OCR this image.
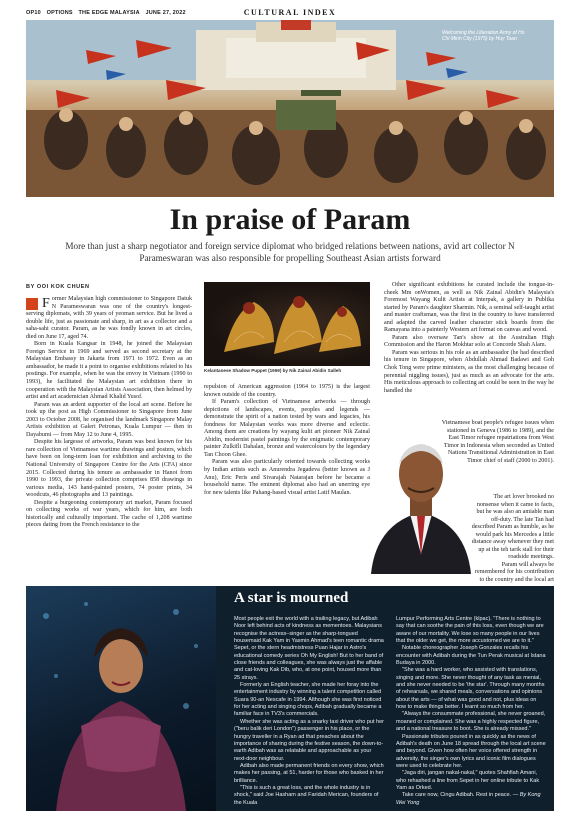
OP10 OPTIONS THE EDGE MALAYSIA JUNE 27, 2022	CULTURAL INDEX
Welcoming the Liberation Army of Ho Chi Minh City (1975) by Huy Toan
In praise of Param
More than just a sharp negotiator and foreign service diplomat who bridged relations between nations, avid art collector N Parameswaran was also responsible for propelling Southeast Asian artists forward
BY OOI KOK CHUEN

Former Malaysian high commissioner to Singapore Datuk N Parameswaran was one of the country's longest-serving diplomats, with 39 years of yeoman service. But he lived a double life, just as passionate and sharp, in art as a collector and a saha-sahi curator. Param, as he was fondly known in art circles, died on June 17, aged 74.

Born in Kuala Kangsar in 1948, he joined the Malaysian Foreign Service in 1969 and served as second secretary at the Malaysian Embassy in Jakarta from 1971 to 1972. Even as an ambassador, he made it a point to organise exhibitions related to his postings. For example, when he was the envoy in Vietnam (1990 to 1993), he facilitated the Malaysian art exhibition there in cooperation with the Malaysian Artists Association, then helmed by artist and art academician Ahmad Khalid Yusof.

Param was an ardent supporter of the local art scene. Before he took up the post as High Commissioner to Singapore from June 2003 to October 2008, he organised the landmark Singapore Malay Artists exhibition at Galeri Petronas, Kuala Lumpur — then in Dayabumi — from May 12 to June 4, 1995.

Despite his largesse of artworks, Param was best known for his rare collection of Vietnamese wartime drawings and posters, which have been on long-term loan for exhibition and archiving to the National University of Singapore Centre for the Arts (CFA) since 2015. Collected during his tenure as ambassador in Hanoi from 1990 to 1993, the private collection comprises 858 drawings in various media, 143 hand-painted posters, 74 poster prints, 34 woodcuts, 46 photographs and 13 paintings.

Despite a burgeoning contemporary art market, Param focused on collecting works of war years, which for him, are both historically and culturally important. The cache of 1,208 wartime pieces dating from the French resistance to the

Kelantanese Shadow Puppet (1959) by Nik Zainal Abidin Salleh

repulsion of American aggression (1964 to 1975) is the largest known outside of the country.

If Param's collection of Vietnamese artworks — through depictions of landscapes, events, peoples and legends — demonstrate the spirit of a nation tested by wars and legacies, his fondness for Malaysian works was more diverse and eclectic. Among them are creations by wayang kulit art pioneer Nik Zainal Abidin, modernist pastel paintings by the enigmatic contemporary painter Zulkifli Dahalan, bronze and watercolours by the legendary Tan Choon Ghee.

Param was also particularly oriented towards collecting works by Indian artists such as Anurendra Jegadeva (better known as J Anu), Eric Peris and Sivarajah Natarajan before he became a household name. The eminent diplomat also had an unerring eye for new talents like Pahang-based visual artist Latif Maulan.

Other significant exhibitions he curated include the tongue-in-cheek Mm onWomen, as well as Nik Zainal Abidin's Malaysia's Foremost Wayang Kulit Artists at Interpak, a gallery in Publika started by Param's daughter Sharmin. Nik, a seminal self-taught artist and master craftsman, was the first in the country to have transferred and adapted the carved leather character stick boards from the Ramayana into a painterly Western art format on canvas and wood.

Param also oversaw Tan's show at the Australian High Commission and the Haron Mokhtar solo at Concorde Shah Alam.

Param was serious in his role as an ambassador (he had described his tenure in Singapore, when Abdullah Ahmad Badawi and Goh Chok Tong were prime ministers, as the most challenging because of perennial niggling issues), just as much as an advocate for the arts. His meticulous approach to collecting art could be seen in the way he handled the

Vietnamese boat people's refugee issues when stationed in Geneva (1986 to 1989), and the East Timor refugee repatriations from West Timor in Indonesia when seconded as United Nations Transitional Administration in East Timor chief of staff (2000 to 2001).

The art lover brooked no nonsense when it came to facts, but he was also an amiable man off-duty. The late Tan had described Param as humble, as he would park his Mercedes a little distance away whenever they met up at the teh tarik stall for their roadside meetings.

Param will always be remembered for his contribution to the country and the local art

A star is mourned

Most people exit the world with a trailing legacy, but Adibah Noor left behind acts of kindness as mementoes. Malaysians recognise the actress–singer as the sharp-tongued housemaid Kak Yam in Yasmin Ahmad's teen romantic drama Sepet, or the stern headmistress Puan Hajar in Astro's educational comedy series Oh My English! But to her band of close friends and colleagues, she was always just the affable and cat-loving Kak Dib, who, at one point, housed more than 25 strays.

Formerly an English teacher, she made her foray into the entertainment industry by winning a talent competition called Suara 90-an Nescafe in 1994. Although she was first noticed for her acting and singing chops, Adibah gradually became a familiar face in TV3's commercials.

Whether she was acting as a snarky taxi driver who put her ("beru balik deri London") passenger in his place, or the hungry traveller in a Ryan ad that preaches about the importance of sharing during the festive season, the down-to-earth Adibah was as relatable and approachable as your next-door neighbour.

Adibah also made permanent friends on every show, which makes her passing, at 51, harder for those who basked in her brilliance.

"This is such a great loss, and the whole industry is in shock," said Joe Hasham and Faridah Merican, founders of the Kuala

Lumpur Performing Arts Centre (klpac). "There is nothing to say that can soothe the pain of this loss, even though we are aware of our mortality. We lose so many people in our lives that the older we get, the more accustomed we are to it."

Notable choreographer Joseph Gonzales recalls his encounter with Adibah during the Tun Perak musical at Istana Budaya in 2000.

"She was a hard worker, who assisted with translations, singing and more. She never thought of any task as menial, and she never needed to be 'the star'. Through many months of rehearsals, we shared meals, conversations and opinions about the arts — of what was good and not, plus ideas on how to make things better. I learnt so much from her.

"Always the consummate professional, she never groaned, moaned or complained. She was a highly respected figure, and a national treasure to boot. She is already missed."

Passionate tributes poured in as quickly as the news of Adibah's death on June 18 spread through the local art scene and beyond. Given how often her voice offered strength in adversity, the singer's own lyrics and iconic film dialogues were used to celebrate her.

"Jaga diri, jangan nakal-nakal," quotes Shahfiah Amani, who rehashed a line from Sepet in her online tribute to Kak Yam as Orked.

Take care now, Cingu Adibah. Rest in peace. — By Kong Wei Yong
